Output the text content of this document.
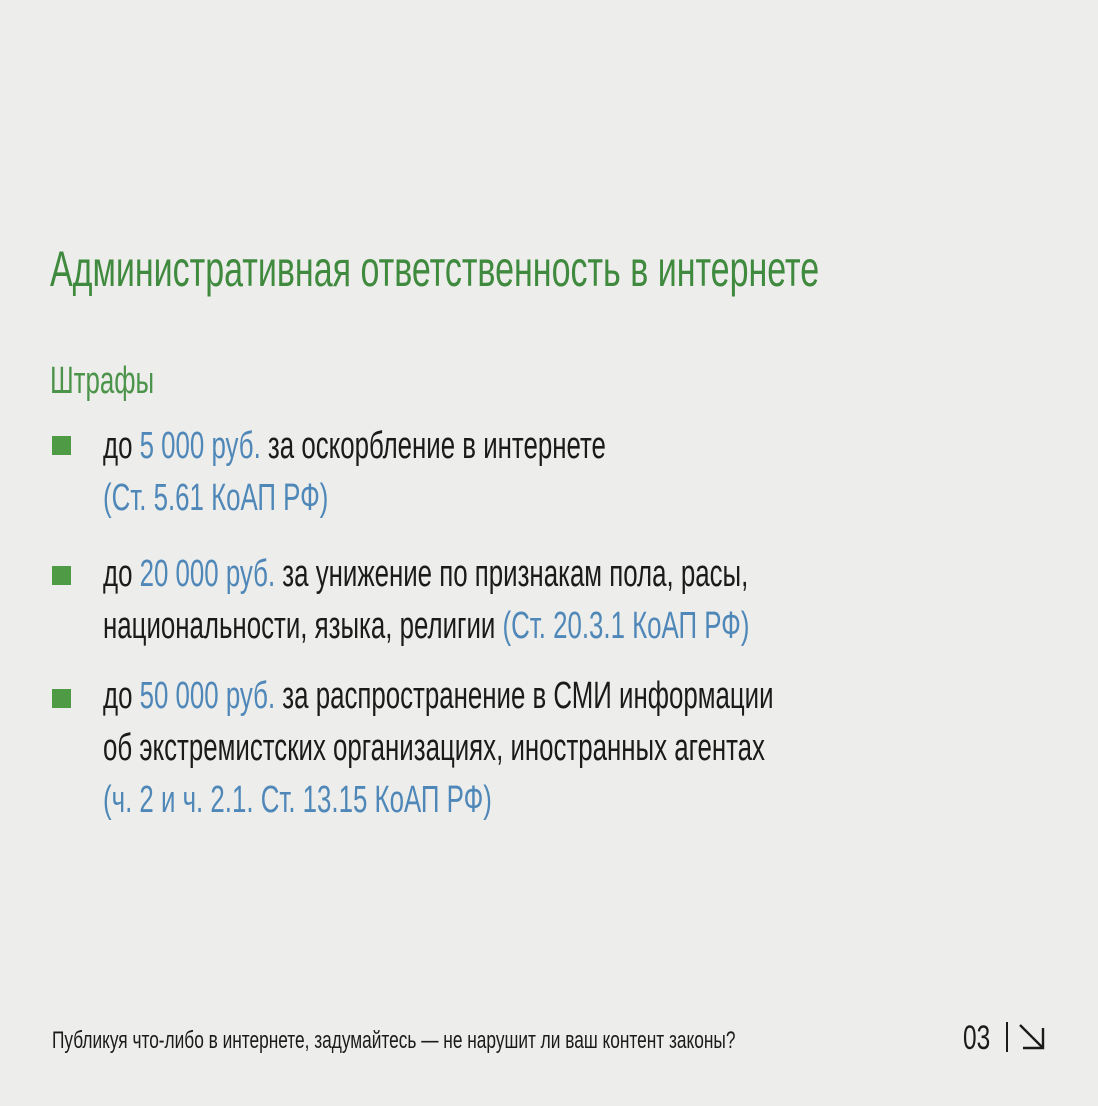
Административная ответственность в интернете
Штрафы
до 5 000 руб. за оскорбление в интернете
(Ст. 5.61 КоАП РФ)
до 20 000 руб. за унижение по признакам пола, расы,
национальности, языка, религии (Ст. 20.3.1 КоАП РФ)
до 50 000 руб. за распространение в СМИ информации
об экстремистских организациях, иностранных агентах
(ч. 2 и ч. 2.1. Ст. 13.15 КоАП РФ)
Публикуя что-либо в интернете, задумайтесь — не нарушит ли ваш контент законы?	03
